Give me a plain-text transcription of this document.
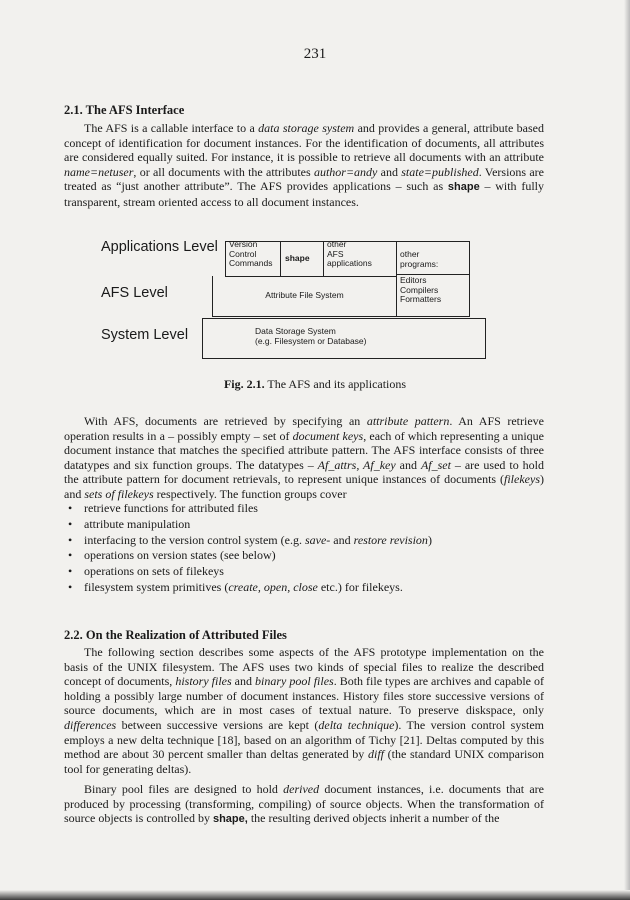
231
2.1. The AFS Interface

The AFS is a callable interface to a data storage system and provides a general, attribute based concept of identification for document instances. For the identification of documents, all attributes are considered equally suited. For instance, it is possible to retrieve all documents with an attribute name=netuser, or all documents with the attributes author=andy and state=published. Versions are treated as “just another attribute”. The AFS provides applications – such as shape – with fully transparent, stream oriented access to all document instances.

Applications Level
AFS Level
System Level
Version
Control
Commands shape
other
AFS
applications
other
programs:
Editors
Compilers
Formatters
Attribute File System
Data Storage System
(e.g. Filesystem or Database)
Fig. 2.1. The AFS and its applications

With AFS, documents are retrieved by specifying an attribute pattern. An AFS retrieve operation results in a – possibly empty – set of document keys, each of which representing a unique document instance that matches the specified attribute pattern. The AFS interface consists of three datatypes and six function groups. The datatypes – Af_attrs, Af_key and Af_set – are used to hold the attribute pattern for document retrievals, to represent unique instances of documents (filekeys) and sets of filekeys respectively. The function groups cover

• retrieve functions for attributed files
• attribute manipulation
• interfacing to the version control system (e.g. save- and restore revision)
• operations on version states (see below)
• operations on sets of filekeys
• filesystem system primitives (create, open, close etc.) for filekeys.
2.2. On the Realization of Attributed Files

The following section describes some aspects of the AFS prototype implementation on the basis of the UNIX filesystem. The AFS uses two kinds of special files to realize the described concept of documents, history files and binary pool files. Both file types are archives and capable of holding a possibly large number of document instances. History files store successive versions of source documents, which are in most cases of textual nature. To preserve diskspace, only differences between successive versions are kept (delta technique). The version control system employs a new delta technique [18], based on an algorithm of Tichy [21]. Deltas computed by this method are about 30 percent smaller than deltas generated by diff (the standard UNIX comparison tool for generating deltas).

Binary pool files are designed to hold derived document instances, i.e. documents that are produced by processing (transforming, compiling) of source objects. When the transformation of source objects is controlled by shape, the resulting derived objects inherit a number of the
